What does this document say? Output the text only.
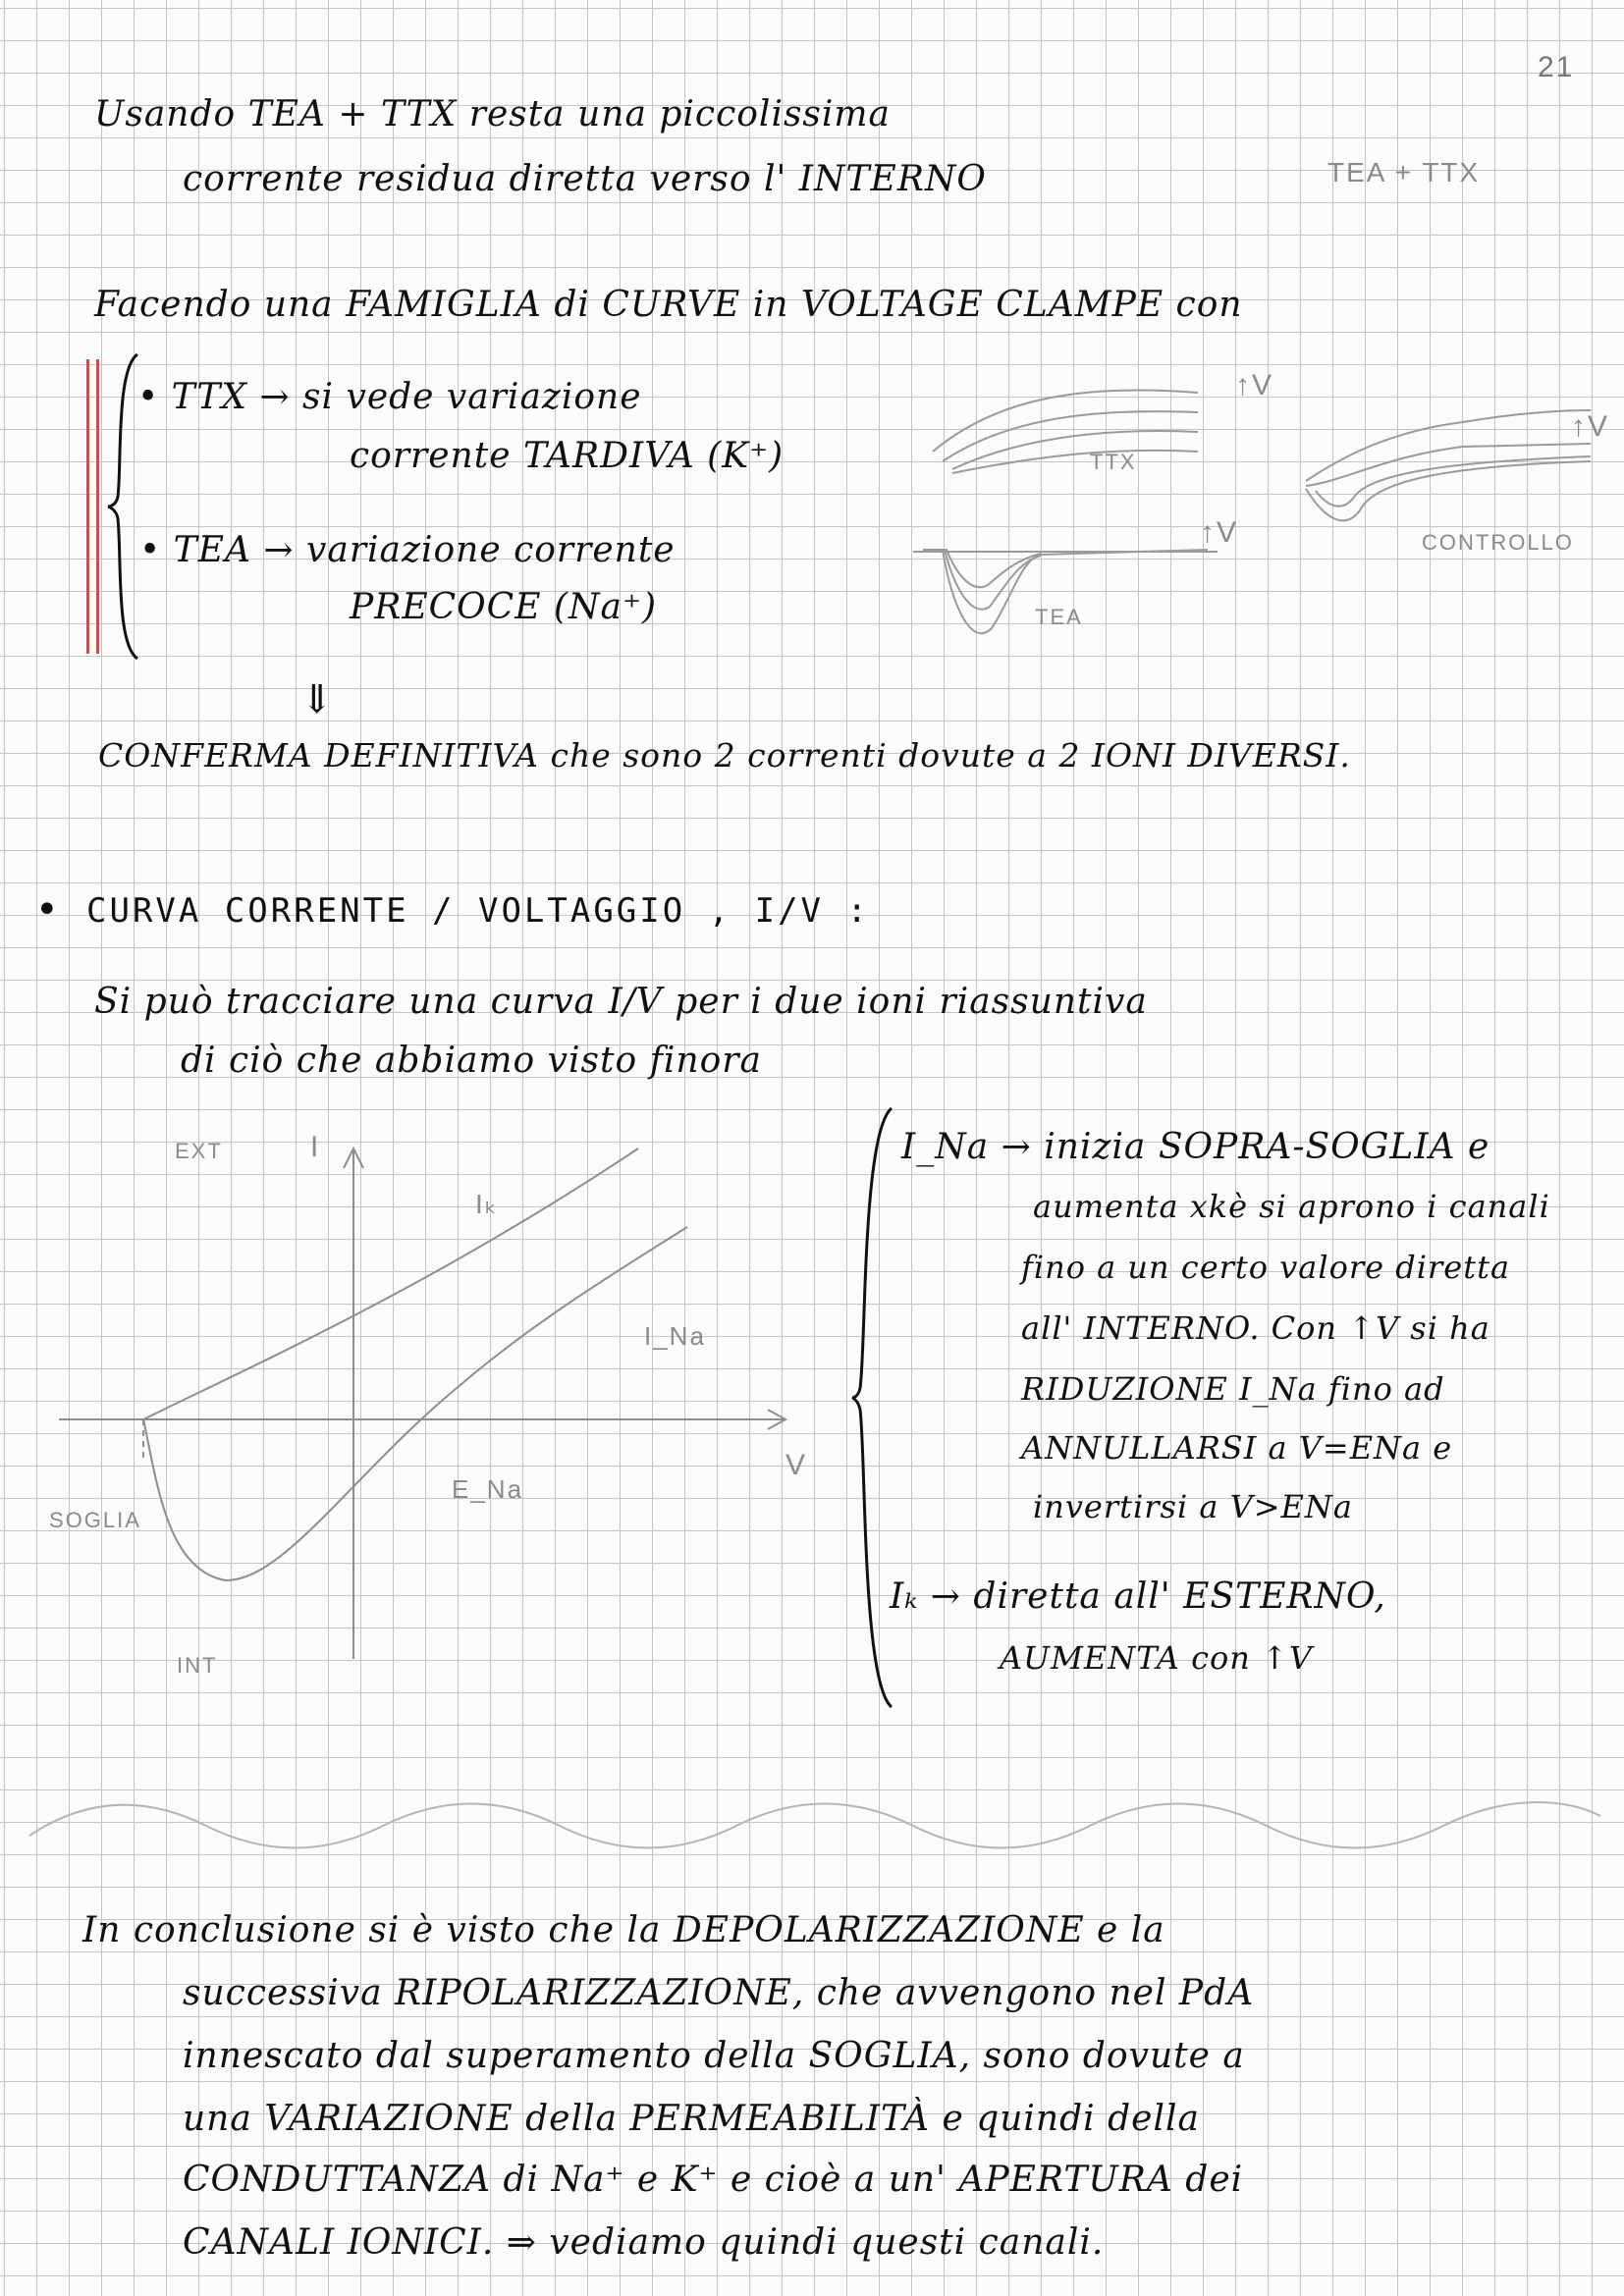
21
Usando TEA + TTX resta una piccolissima
corrente residua diretta verso l' INTERNO	TEA + TTX
Facendo una FAMIGLIA di CURVE in VOLTAGE CLAMPE con
• TTX → si vede variazione
corrente TARDIVA (K⁺)
• TEA → variazione corrente
PRECOCE (Na⁺)
⇓
TTX
TEA
CONTROLLO
↑V
↑V
↑V
CONFERMA DEFINITIVA che sono 2 correnti dovute a 2 IONI DIVERSI.
• CURVA CORRENTE / VOLTAGGIO , I/V :
Si può tracciare una curva I/V per i due ioni riassuntiva
di ciò che abbiamo visto finora
EXT	I
V
Iₖ
I_Na
E_Na
SOGLIA
INT
I_Na → inizia SOPRA-SOGLIA e
aumenta xkè si aprono i canali
fino a un certo valore diretta
all' INTERNO. Con ↑V si ha
RIDUZIONE I_Na fino ad
ANNULLARSI a V=ENa e
invertirsi a V>ENa
Iₖ → diretta all' ESTERNO,
AUMENTA con ↑V
In conclusione si è visto che la DEPOLARIZZAZIONE e la
successiva RIPOLARIZZAZIONE, che avvengono nel PdA
innescato dal superamento della SOGLIA, sono dovute a
una VARIAZIONE della PERMEABILITÀ e quindi della
CONDUTTANZA di Na⁺ e K⁺ e cioè a un' APERTURA dei
CANALI IONICI. ⇒ vediamo quindi questi canali.
